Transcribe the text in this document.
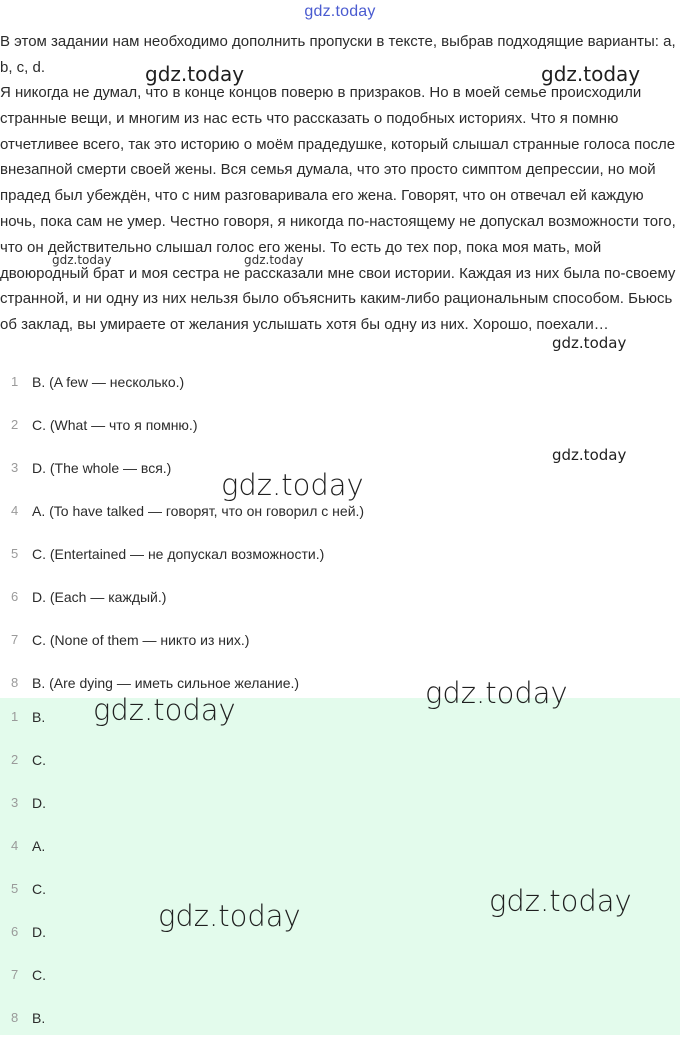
gdz.today

В этом задании нам необходимо дополнить пропуски в тексте, выбрав подходящие варианты: a, b, c, d.

Я никогда не думал, что в конце концов поверю в призраков. Но в моей семье происходили странные вещи, и многим из нас есть что рассказать о подобных историях. Что я помню отчетливее всего, так это историю о моём прадедушке, который слышал странные голоса после внезапной смерти своей жены. Вся семья думала, что это просто симптом депрессии, но мой прадед был убеждён, что с ним разговаривала его жена. Говорят, что он отвечал ей каждую ночь, пока сам не умер. Честно говоря, я никогда по-настоящему не допускал возможности того, что он действительно слышал голос его жены. То есть до тех пор, пока моя мать, мой двоюродный брат и моя сестра не рассказали мне свои истории. Каждая из них была по-своему странной, и ни одну из них нельзя было объяснить каким-либо рациональным способом. Бьюсь об заклад, вы умираете от желания услышать хотя бы одну из них. Хорошо, поехали…

1 B. (A few — несколько.)
2 C. (What — что я помню.)
3 D. (The whole — вся.)
4 A. (To have talked — говорят, что он говорил с ней.)
5 C. (Entertained — не допускал возможности.)
6 D. (Each — каждый.)
7 C. (None of them — никто из них.)
8 B. (Are dying — иметь сильное желание.)
1 B.
2 C.
3 D.
4 A.
5 C.
6 D.
7 C.
8 B.
gdz.today	gdz.today
gdz.today	gdz.today
gdz.today
gdz.today
gdz.today
gdz.today
gdz.today
gdz.today
gdz.today
